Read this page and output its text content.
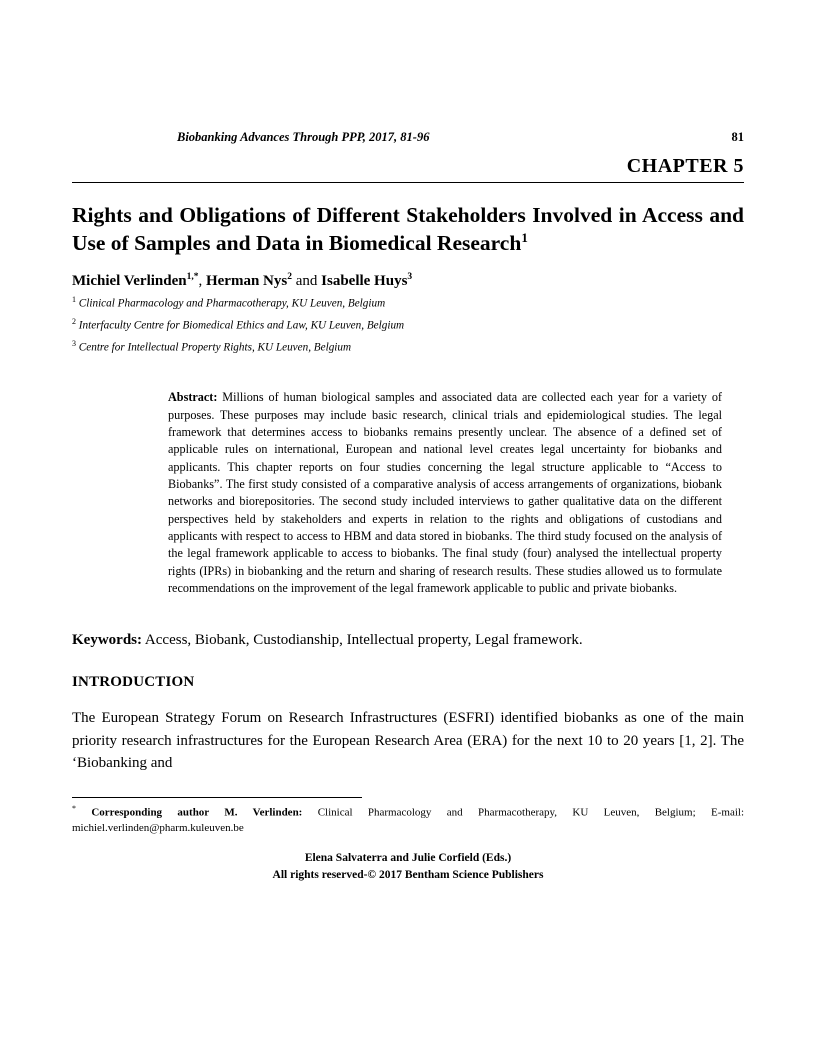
Biobanking Advances Through PPP, 2017, 81-96	81
CHAPTER 5
Rights and Obligations of Different Stakeholders Involved in Access and Use of Samples and Data in Biomedical Research$^1$
Michiel Verlinden$^{1,*}$, Herman Nys$^2$ and Isabelle Huys$^3$
$^1$ Clinical Pharmacology and Pharmacotherapy, KU Leuven, Belgium
$^2$ Interfaculty Centre for Biomedical Ethics and Law, KU Leuven, Belgium
$^3$ Centre for Intellectual Property Rights, KU Leuven, Belgium
Abstract: Millions of human biological samples and associated data are collected each year for a variety of purposes. These purposes may include basic research, clinical trials and epidemiological studies. The legal framework that determines access to biobanks remains presently unclear. The absence of a defined set of applicable rules on international, European and national level creates legal uncertainty for biobanks and applicants. This chapter reports on four studies concerning the legal structure applicable to “Access to Biobanks”. The first study consisted of a comparative analysis of access arrangements of organizations, biobank networks and biorepositories. The second study included interviews to gather qualitative data on the different perspectives held by stakeholders and experts in relation to the rights and obligations of custodians and applicants with respect to access to HBM and data stored in biobanks. The third study focused on the analysis of the legal framework applicable to access to biobanks. The final study (four) analysed the intellectual property rights (IPRs) in biobanking and the return and sharing of research results. These studies allowed us to formulate recommendations on the improvement of the legal framework applicable to public and private biobanks.
Keywords: Access, Biobank, Custodianship, Intellectual property, Legal framework.
INTRODUCTION

The European Strategy Forum on Research Infrastructures (ESFRI) identified biobanks as one of the main priority research infrastructures for the European Research Area (ERA) for the next 10 to 20 years [1, 2]. The ‘Biobanking and

* Corresponding author M. Verlinden: Clinical Pharmacology and Pharmacotherapy, KU Leuven, Belgium; E-mail: michiel.verlinden@pharm.kuleuven.be
Elena Salvaterra and Julie Corfield (Eds.)
All rights reserved-© 2017 Bentham Science Publishers
